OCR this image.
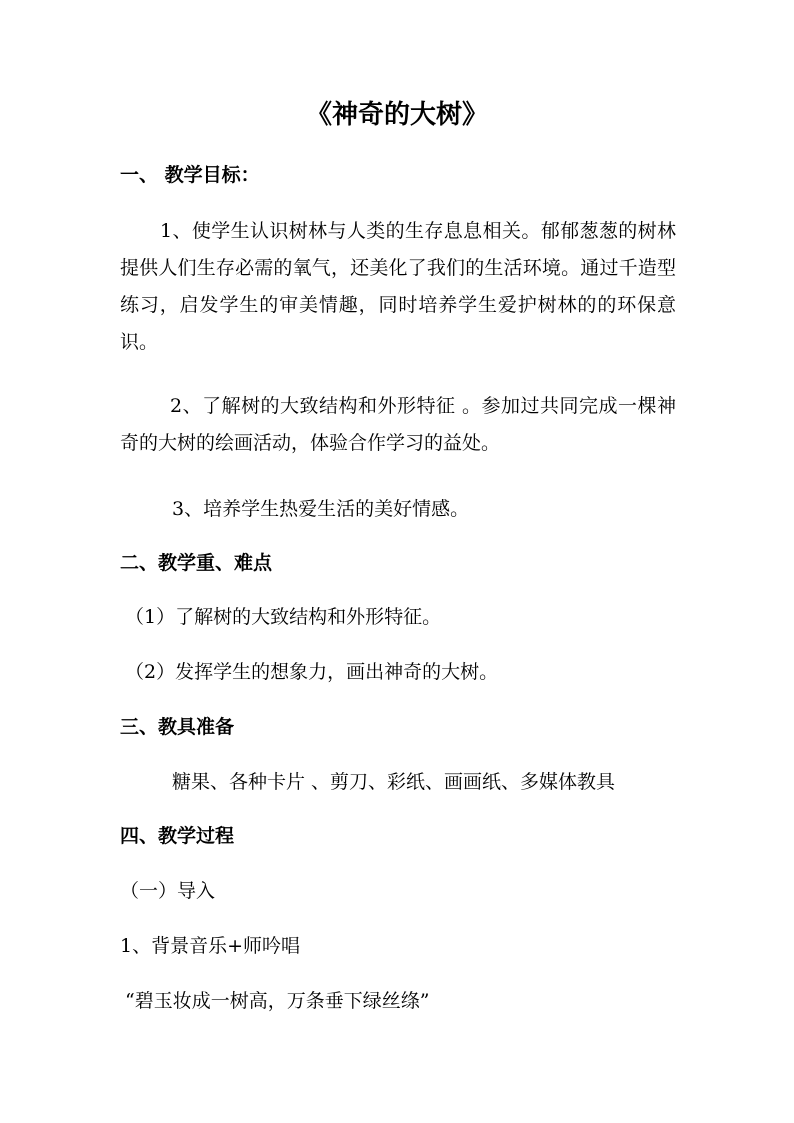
《神奇的大树》
一、 教学目标：
1、使学生认识树林与人类的生存息息相关。郁郁葱葱的树林提供人们生存必需的氧气，还美化了我们的生活环境。通过千造型练习，启发学生的审美情趣，同时培养学生爱护树林的的环保意识。
2、了解树的大致结构和外形特征 。参加过共同完成一棵神奇的大树的绘画活动，体验合作学习的益处。
3、培养学生热爱生活的美好情感。
二、教学重、难点
（1）了解树的大致结构和外形特征。
（2）发挥学生的想象力，画出神奇的大树。
三、教具准备
糖果、各种卡片 、剪刀、彩纸、画画纸、多媒体教具
四、教学过程
（一）导入
1、背景音乐+师吟唱
“碧玉妆成一树高，万条垂下绿丝绦”
